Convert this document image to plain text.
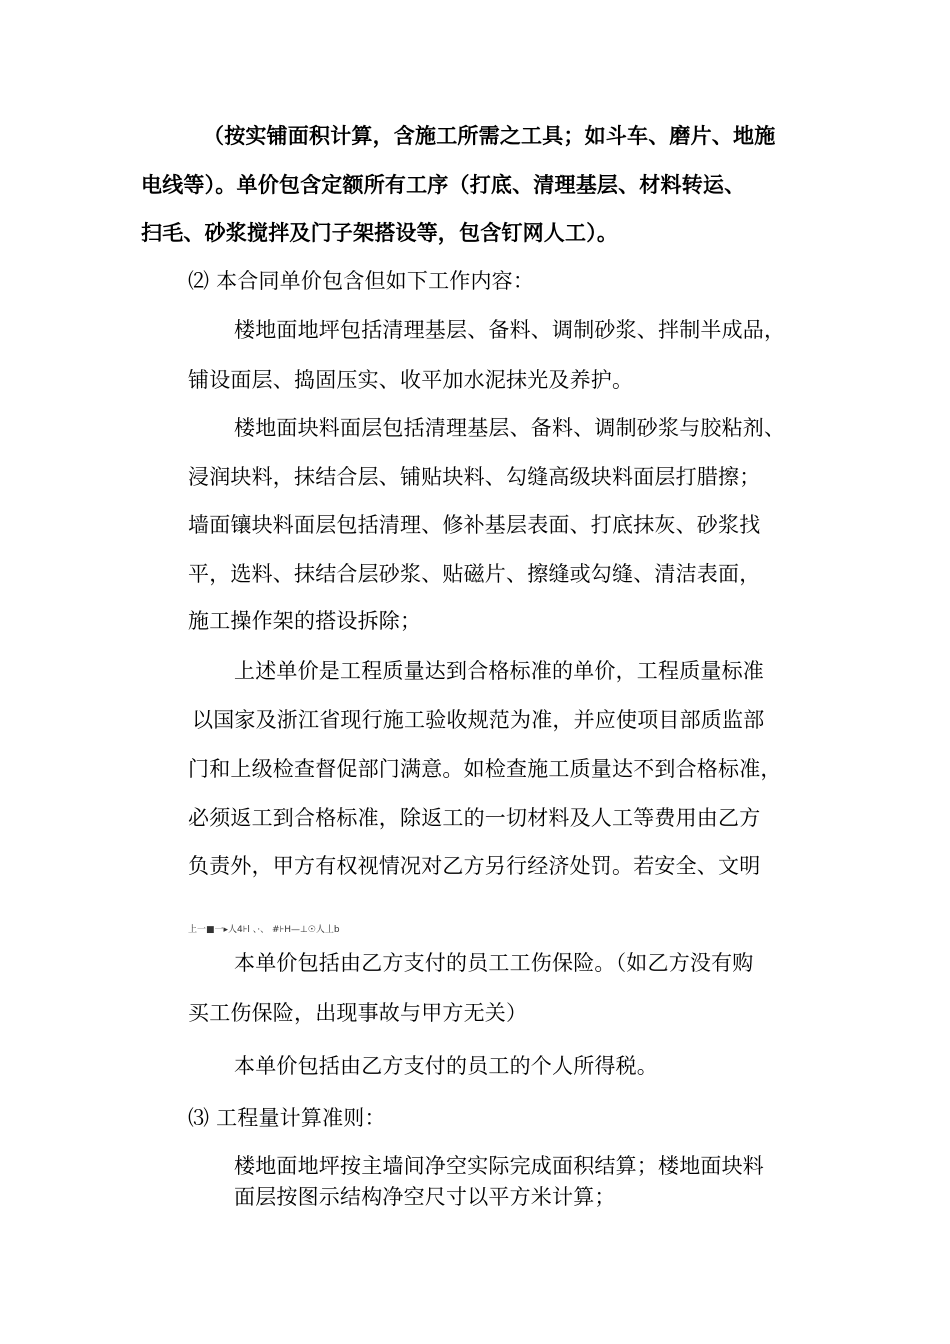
（按实铺面积计算，含施工所需之工具；如斗车、磨片、地施
电线等）。单价包含定额所有工序（打底、清理基层、材料转运、
扫毛、砂浆搅拌及门子架搭设等，包含钉网人工）。
⑵ 本合同单价包含但如下工作内容：
楼地面地坪包括清理基层、备料、调制砂浆、拌制半成品，
铺设面层、捣固压实、收平加水泥抹光及养护。
楼地面块料面层包括清理基层、备料、调制砂浆与胶粘剂、
浸润块料，抹结合层、铺贴块料、勾缝高级块料面层打腊擦；
墙面镶块料面层包括清理、修补基层表面、打底抹灰、砂浆找
平，选料、抹结合层砂浆、贴磁片、擦缝或勾缝、清洁表面，
施工操作架的搭设拆除；
上述单价是工程质量达到合格标准的单价，工程质量标准
以国家及浙江省现行施工验收规范为准，并应使项目部质监部
门和上级检查督促部门满意。如检查施工质量达不到合格标准，
必须返工到合格标准，除返工的一切材料及人工等费用由乙方
负责外，甲方有权视情况对乙方另行经济处罚。若安全、文明
上一■一▸人4⊦l 、·、 #⊦H—⊥☉人丄b
本单价包括由乙方支付的员工工伤保险。（如乙方没有购
买工伤保险，出现事故与甲方无关）
本单价包括由乙方支付的员工的个人所得税。
⑶ 工程量计算准则：
楼地面地坪按主墙间净空实际完成面积结算；楼地面块料
面层按图示结构净空尺寸以平方米计算；
